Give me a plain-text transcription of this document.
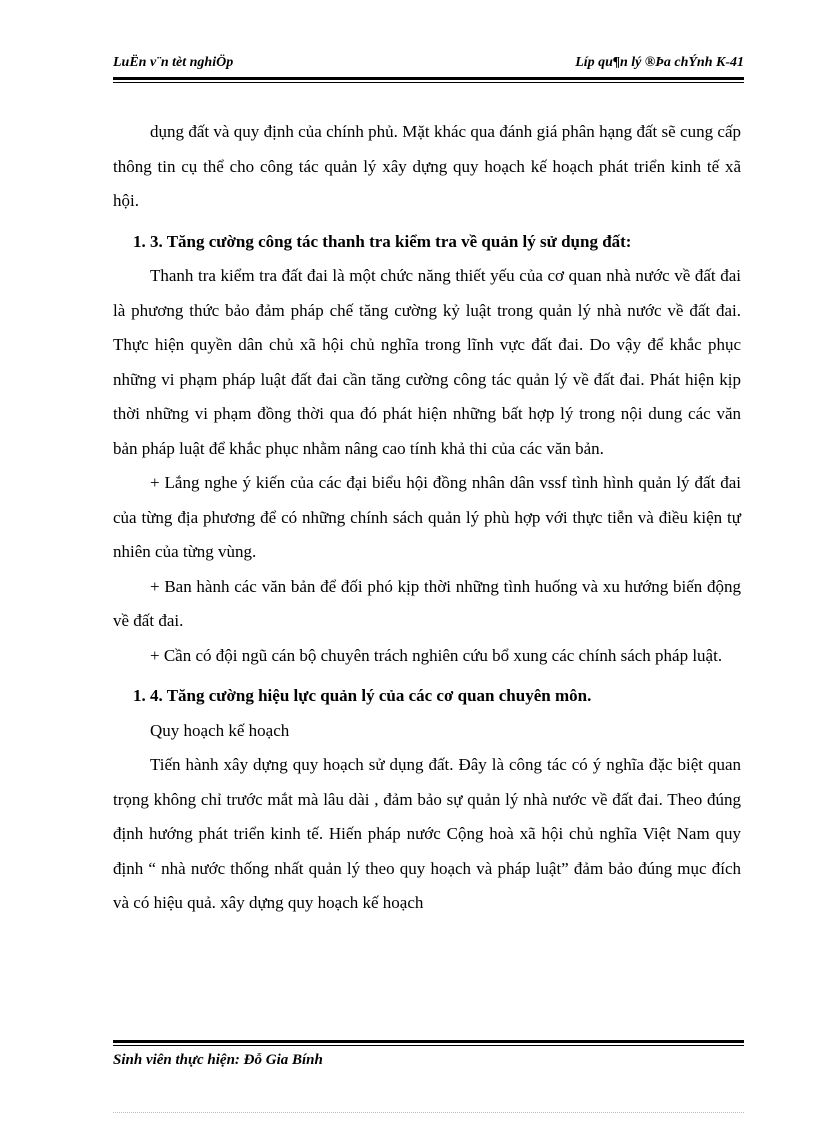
LuËn v¨n tèt nghiÖp	Líp qu¶n lý ®Þa chÝnh K-41

dụng đất và quy định của chính phủ. Mặt khác qua đánh giá phân hạng đất sẽ cung cấp thông tin cụ thể cho công tác quản lý xây dựng quy hoạch kế hoạch phát triển kinh tế xã hội.

1. 3. Tăng cường công tác thanh tra kiểm tra về quản lý sử dụng đất:

Thanh tra kiểm tra đất đai là một chức năng thiết yếu của cơ quan nhà nước về đất đai là phương thức bảo đảm pháp chế tăng cường kỷ luật trong quản lý nhà nước về đất đai. Thực hiện quyền dân chủ xã hội chủ nghĩa trong lĩnh vực đất đai. Do vậy để khắc phục những vi phạm pháp luật đất đai cần tăng cường công tác quản lý về đất đai. Phát hiện kịp thời những vi phạm đồng thời qua đó phát hiện những bất hợp lý trong nội dung các văn bản pháp luật để khắc phục nhằm nâng cao tính khả thi của các văn bản.

+ Lắng nghe ý kiến của các đại biểu hội đồng nhân dân vssf tình hình quản lý đất đai của từng địa phương để có những chính sách quản lý phù hợp với thực tiễn và điều kiện tự nhiên của từng vùng.

+ Ban hành các văn bản để đối phó kịp thời những tình huống và xu hướng biến động về đất đai.

+ Cần có đội ngũ cán bộ chuyên trách nghiên cứu bổ xung các chính sách pháp luật.

1. 4. Tăng cường hiệu lực quản lý của các cơ quan chuyên môn.

Quy hoạch kế hoạch

Tiến hành xây dựng quy hoạch sử dụng đất. Đây là công tác có ý nghĩa đặc biệt quan trọng không chỉ trước mắt mà lâu dài , đảm bảo sự quản lý nhà nước về đất đai. Theo đúng định hướng phát triển kinh tế. Hiến pháp nước Cộng hoà xã hội chủ nghĩa Việt Nam quy định “ nhà nước thống nhất quản lý theo quy hoạch và pháp luật” đảm bảo đúng mục đích và có hiệu quả. xây dựng quy hoạch kế hoạch

Sinh viên thực hiện: Đỗ Gia Bính
